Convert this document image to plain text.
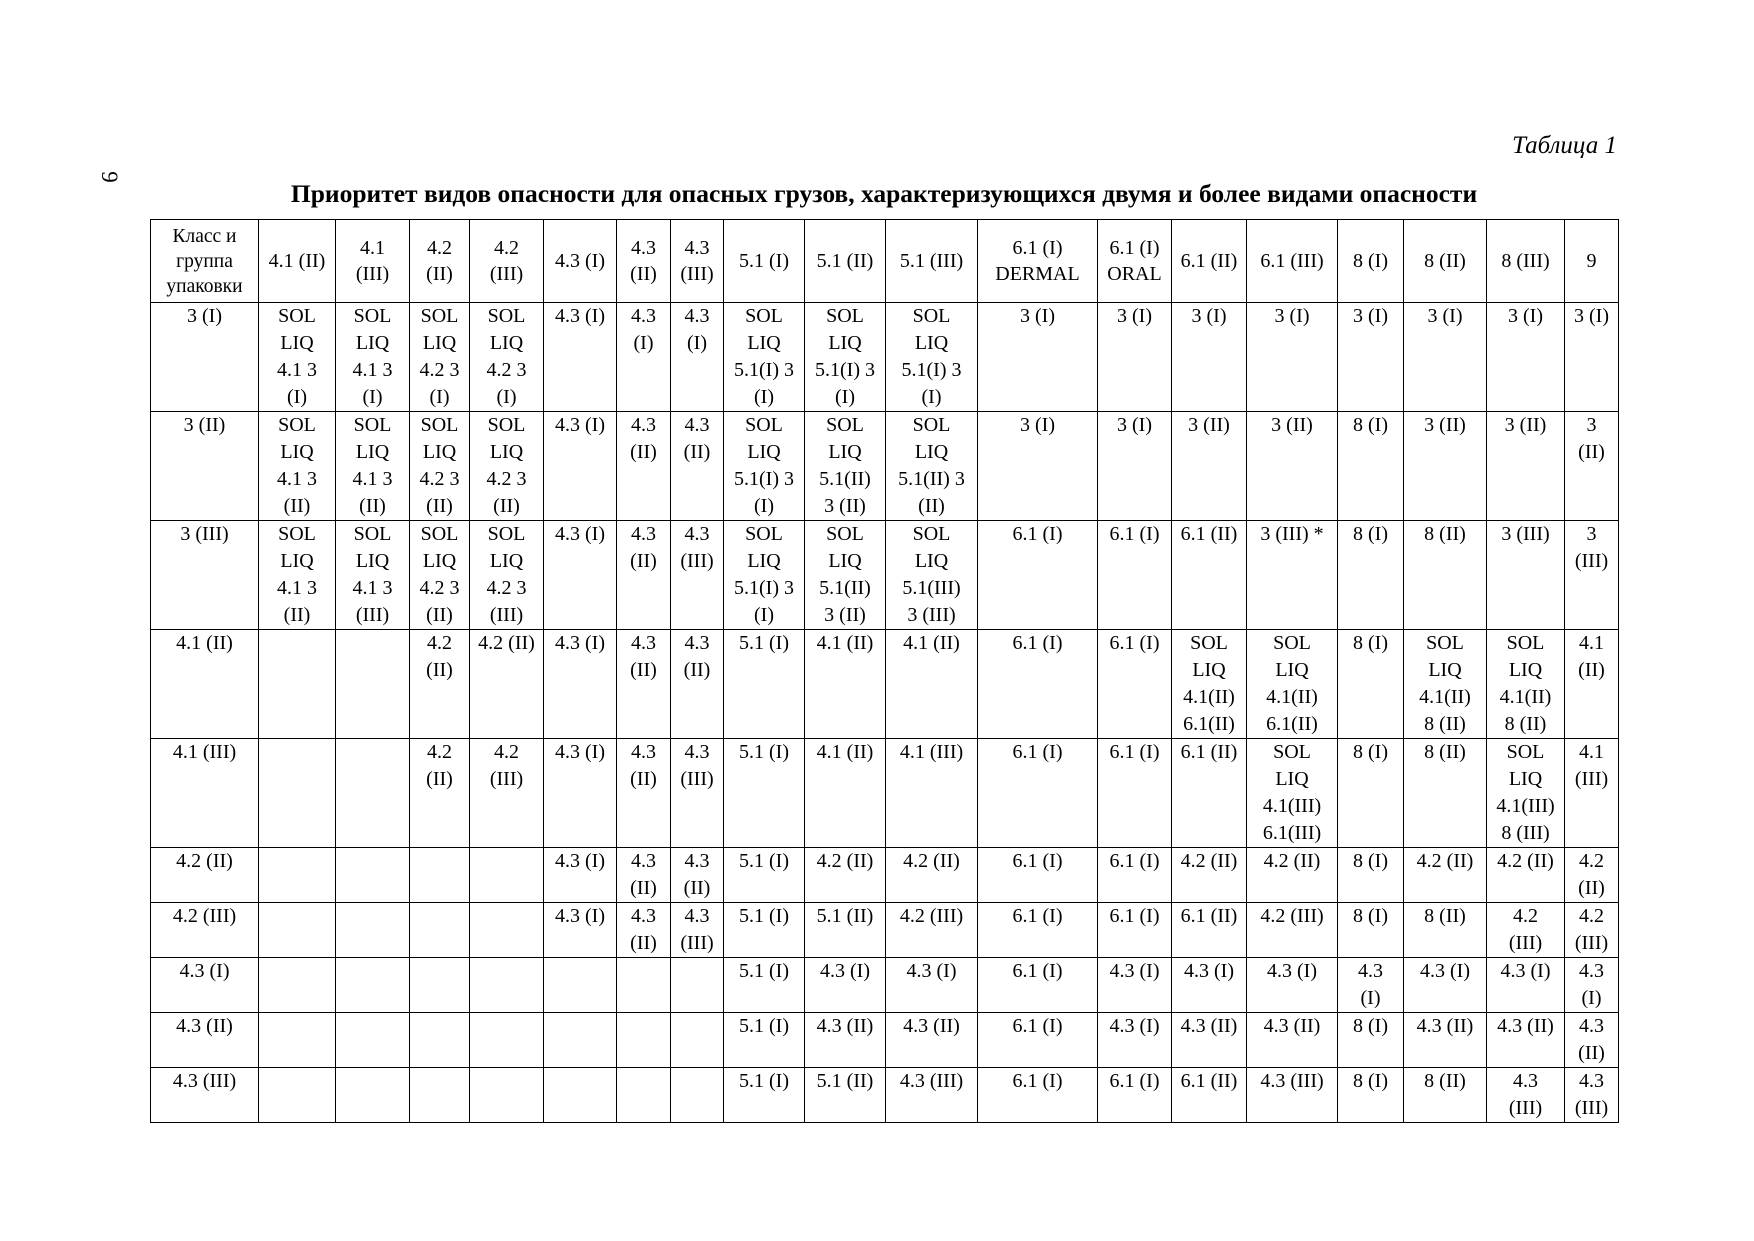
9
Таблица 1
Приоритет видов опасности для опасных грузов, характеризующихся двумя и более видами опасности
Класс и
группа
упаковки	4.1 (II)	4.1
(III)	4.2
(II)	4.2
(III)	4.3 (I)	4.3
(II)	4.3
(III)	5.1 (I)	5.1 (II)	5.1 (III)	6.1 (I)
DERMAL	6.1 (I)
ORAL	6.1 (II)	6.1 (III)	8 (I)	8 (II)	8 (III)	9

3 (I)	SOL
LIQ
4.1 3
(I)	SOL
LIQ
4.1 3
(I)	SOL
LIQ
4.2 3
(I)	SOL
LIQ
4.2 3
(I)	4.3 (I)	4.3
(I)	4.3
(I)	SOL
LIQ
5.1(I) 3
(I)	SOL
LIQ
5.1(I) 3
(I)	SOL
LIQ
5.1(I) 3
(I)	3 (I)	3 (I)	3 (I)	3 (I)	3 (I)	3 (I)	3 (I)	3 (I)

3 (II)	SOL
LIQ
4.1 3
(II)	SOL
LIQ
4.1 3
(II)	SOL
LIQ
4.2 3
(II)	SOL
LIQ
4.2 3
(II)	4.3 (I)	4.3
(II)	4.3
(II)	SOL
LIQ
5.1(I) 3
(I)	SOL
LIQ
5.1(II)
3 (II)	SOL
LIQ
5.1(II) 3
(II)	3 (I)	3 (I)	3 (II)	3 (II)	8 (I)	3 (II)	3 (II)	3
(II)

3 (III)	SOL
LIQ
4.1 3
(II)	SOL
LIQ
4.1 3
(III)	SOL
LIQ
4.2 3
(II)	SOL
LIQ
4.2 3
(III)	4.3 (I)	4.3
(II)	4.3
(III)	SOL
LIQ
5.1(I) 3
(I)	SOL
LIQ
5.1(II)
3 (II)	SOL
LIQ
5.1(III)
3 (III)	6.1 (I)	6.1 (I)	6.1 (II)	3 (III) *	8 (I)	8 (II)	3 (III)	3
(III)

4.1 (II)			4.2
(II)	4.2 (II)	4.3 (I)	4.3
(II)	4.3
(II)	5.1 (I)	4.1 (II)	4.1 (II)	6.1 (I)	6.1 (I)	SOL
LIQ
4.1(II)
6.1(II)	SOL
LIQ
4.1(II)
6.1(II)	8 (I)	SOL
LIQ
4.1(II)
8 (II)	SOL
LIQ
4.1(II)
8 (II)	4.1
(II)

4.1 (III)			4.2
(II)	4.2
(III)	4.3 (I)	4.3
(II)	4.3
(III)	5.1 (I)	4.1 (II)	4.1 (III)	6.1 (I)	6.1 (I)	6.1 (II)	SOL
LIQ
4.1(III)
6.1(III)	8 (I)	8 (II)	SOL
LIQ
4.1(III)
8 (III)	4.1
(III)

4.2 (II)					4.3 (I)	4.3
(II)	4.3
(II)	5.1 (I)	4.2 (II)	4.2 (II)	6.1 (I)	6.1 (I)	4.2 (II)	4.2 (II)	8 (I)	4.2 (II)	4.2 (II)	4.2
(II)

4.2 (III)					4.3 (I)	4.3
(II)	4.3
(III)	5.1 (I)	5.1 (II)	4.2 (III)	6.1 (I)	6.1 (I)	6.1 (II)	4.2 (III)	8 (I)	8 (II)	4.2
(III)	4.2
(III)

4.3 (I)								5.1 (I)	4.3 (I)	4.3 (I)	6.1 (I)	4.3 (I)	4.3 (I)	4.3 (I)	4.3
(I)	4.3 (I)	4.3 (I)	4.3
(I)

4.3 (II)								5.1 (I)	4.3 (II)	4.3 (II)	6.1 (I)	4.3 (I)	4.3 (II)	4.3 (II)	8 (I)	4.3 (II)	4.3 (II)	4.3
(II)

4.3 (III)								5.1 (I)	5.1 (II)	4.3 (III)	6.1 (I)	6.1 (I)	6.1 (II)	4.3 (III)	8 (I)	8 (II)	4.3
(III)	4.3
(III)
